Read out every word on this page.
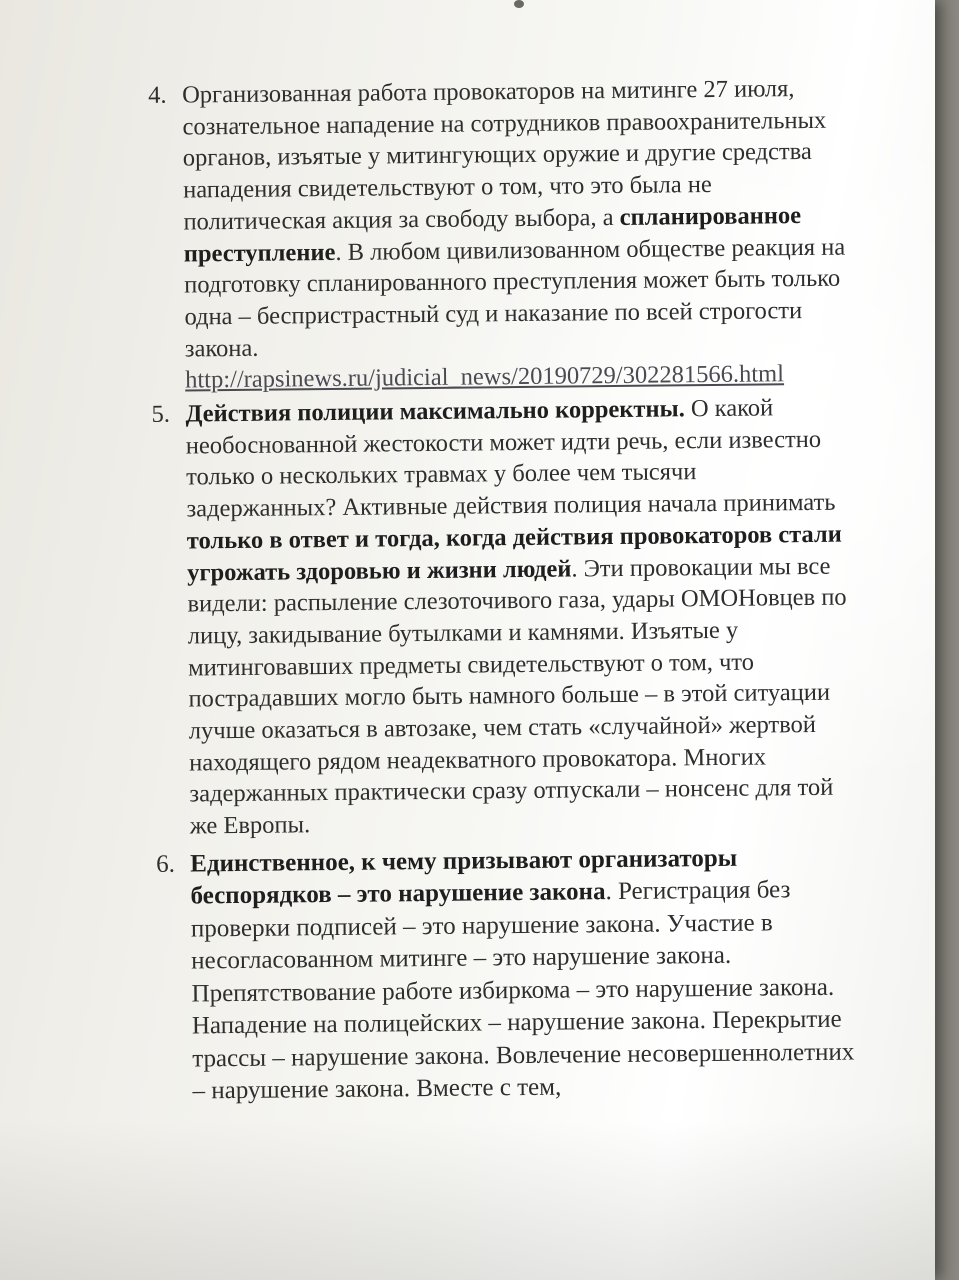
4. Организованная работа провокаторов на митинге 27 июля, сознательное нападение на сотрудников правоохранительных органов, изъятые у митингующих оружие и другие средства нападения свидетельствуют о том, что это была не политическая акция за свободу выбора, а спланированное преступление. В любом цивилизованном обществе реакция на подготовку спланированного преступления может быть только одна – беспристрастный суд и наказание по всей строгости закона.
http://rapsinews.ru/judicial_news/20190729/302281566.html

5. Действия полиции максимально корректны. О какой необоснованной жестокости может идти речь, если известно только о нескольких травмах у более чем тысячи задержанных? Активные действия полиция начала принимать только в ответ и тогда, когда действия провокаторов стали угрожать здоровью и жизни людей. Эти провокации мы все видели: распыление слезоточивого газа, удары ОМОНовцев по лицу, закидывание бутылками и камнями. Изъятые у митинговавших предметы свидетельствуют о том, что пострадавших могло быть намного больше – в этой ситуации лучше оказаться в автозаке, чем стать «случайной» жертвой находящего рядом неадекватного провокатора. Многих задержанных практически сразу отпускали – нонсенс для той же Европы.

6. Единственное, к чему призывают организаторы беспорядков – это нарушение закона. Регистрация без проверки подписей – это нарушение закона. Участие в несогласованном митинге – это нарушение закона. Препятствование работе избиркома – это нарушение закона. Нападение на полицейских – нарушение закона. Перекрытие трассы – нарушение закона. Вовлечение несовершеннолетних – нарушение закона. Вместе с тем,
